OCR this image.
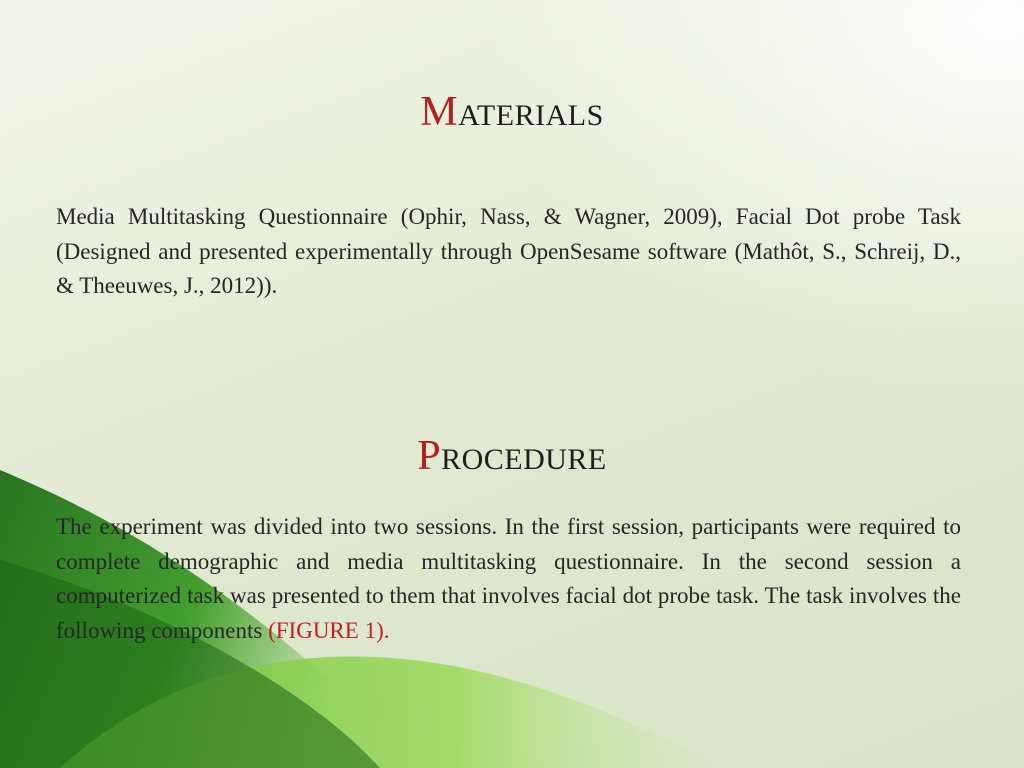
MATERIALS
Media Multitasking Questionnaire (Ophir, Nass, & Wagner, 2009), Facial Dot probe Task (Designed and presented experimentally through OpenSesame software (Mathôt, S., Schreij, D., & Theeuwes, J., 2012)).
PROCEDURE
The experiment was divided into two sessions. In the first session, participants were required to complete demographic and media multitasking questionnaire. In the second session a computerized task was presented to them that involves facial dot probe task. The task involves the following components (FIGURE 1).
